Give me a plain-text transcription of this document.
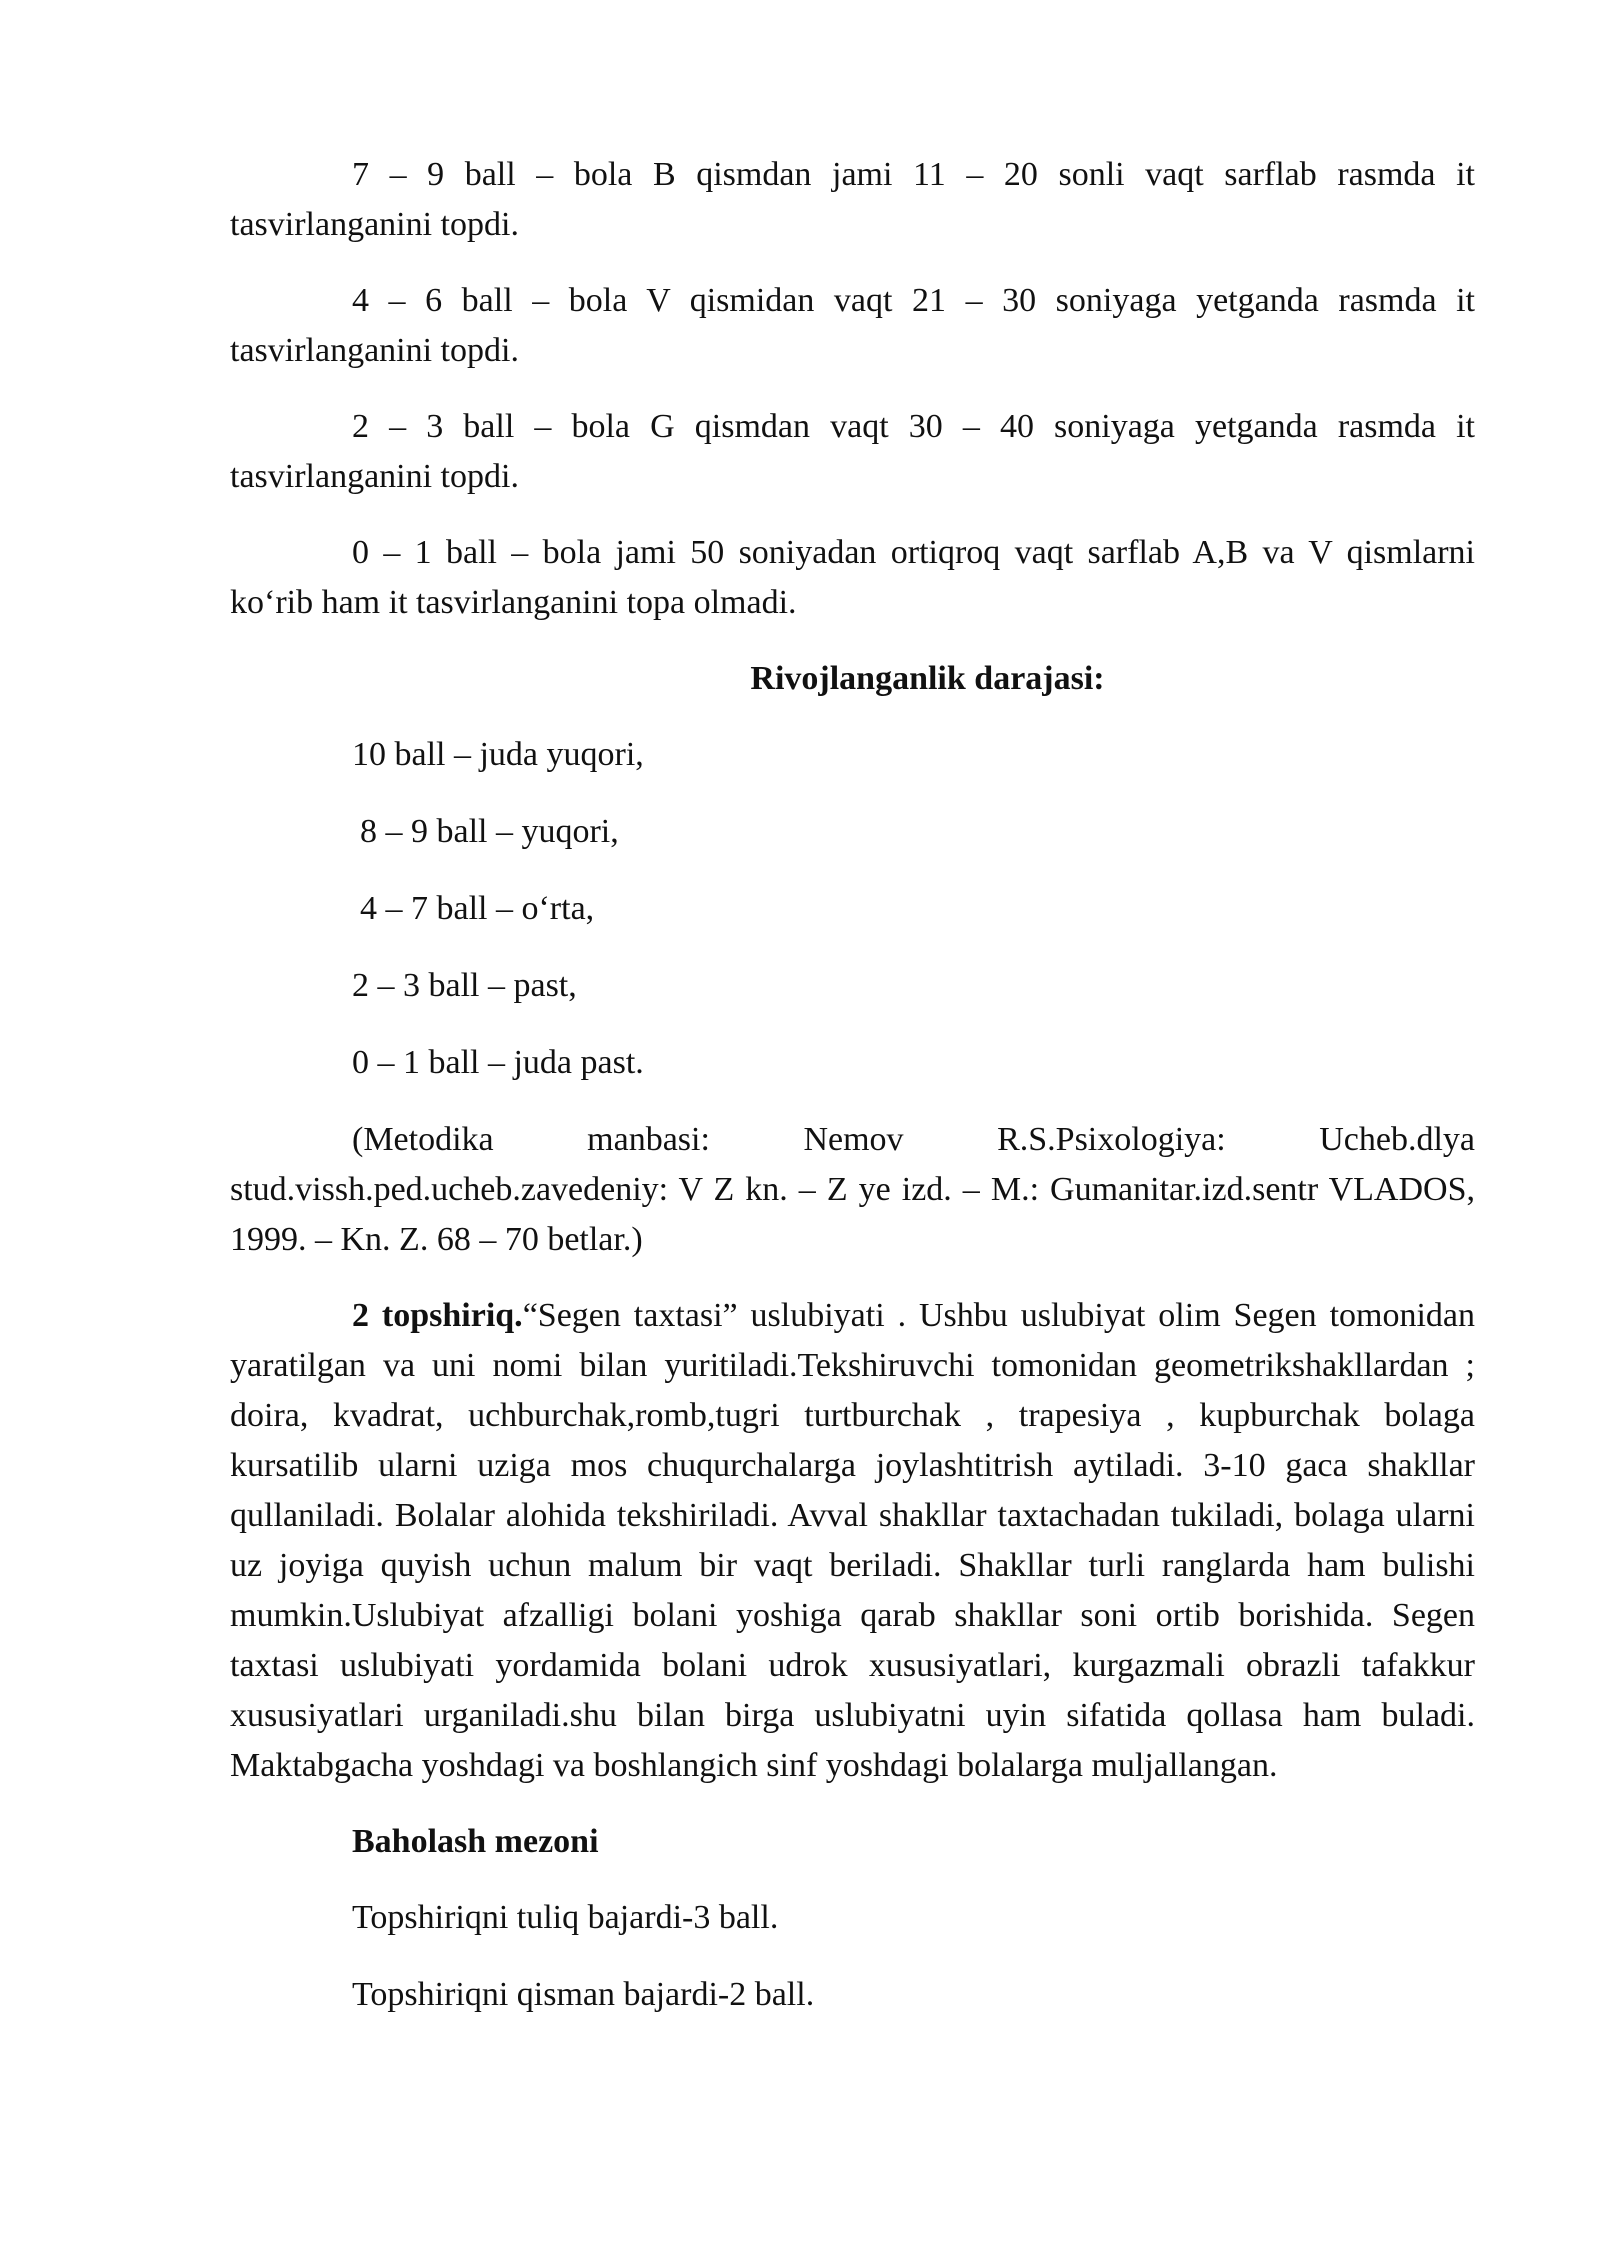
7 – 9 ball – bola B qismdan jami 11 – 20 sonli vaqt sarflab rasmda it tasvirlanganini topdi.

4 – 6 ball – bola V qismidan vaqt 21 – 30 soniyaga yetganda rasmda it tasvirlanganini topdi.

2 – 3 ball – bola G qismdan vaqt 30 – 40 soniyaga yetganda rasmda it tasvirlanganini topdi.

0 – 1 ball – bola jami 50 soniyadan ortiqroq vaqt sarflab A,B va V qismlarni ko‘rib ham it tasvirlanganini topa olmadi.

Rivojlanganlik darajasi:

10 ball – juda yuqori,

8 – 9 ball – yuqori,

4 – 7 ball – o‘rta,

2 – 3 ball – past,

0 – 1 ball – juda past.

(Metodika manbasi: Nemov R.S.Psixologiya: Ucheb.dlya stud.vissh.ped.ucheb.zavedeniy: V Z kn. – Z ye izd. – M.: Gumanitar.izd.sentr VLADOS, 1999. – Kn. Z. 68 – 70 betlar.)

2 topshiriq.“Segen taxtasi” uslubiyati . Ushbu uslubiyat olim Segen tomonidan yaratilgan va uni nomi bilan yuritiladi.Tekshiruvchi tomonidan geometrikshakllardan ; doira, kvadrat, uchburchak,romb,tugri turtburchak , trapesiya , kupburchak bolaga kursatilib ularni uziga mos chuqurchalarga joylashtitrish aytiladi. 3-10 gaca shakllar qullaniladi. Bolalar alohida tekshiriladi. Avval shakllar taxtachadan tukiladi, bolaga ularni uz joyiga quyish uchun malum bir vaqt beriladi. Shakllar turli ranglarda ham bulishi mumkin.Uslubiyat afzalligi bolani yoshiga qarab shakllar soni ortib borishida. Segen taxtasi uslubiyati yordamida bolani udrok xususiyatlari, kurgazmali obrazli tafakkur xususiyatlari urganiladi.shu bilan birga uslubiyatni uyin sifatida qollasa ham buladi. Maktabgacha yoshdagi va boshlangich sinf yoshdagi bolalarga muljallangan.

Baholash mezoni

Topshiriqni tuliq bajardi-3 ball.

Topshiriqni qisman bajardi-2 ball.
